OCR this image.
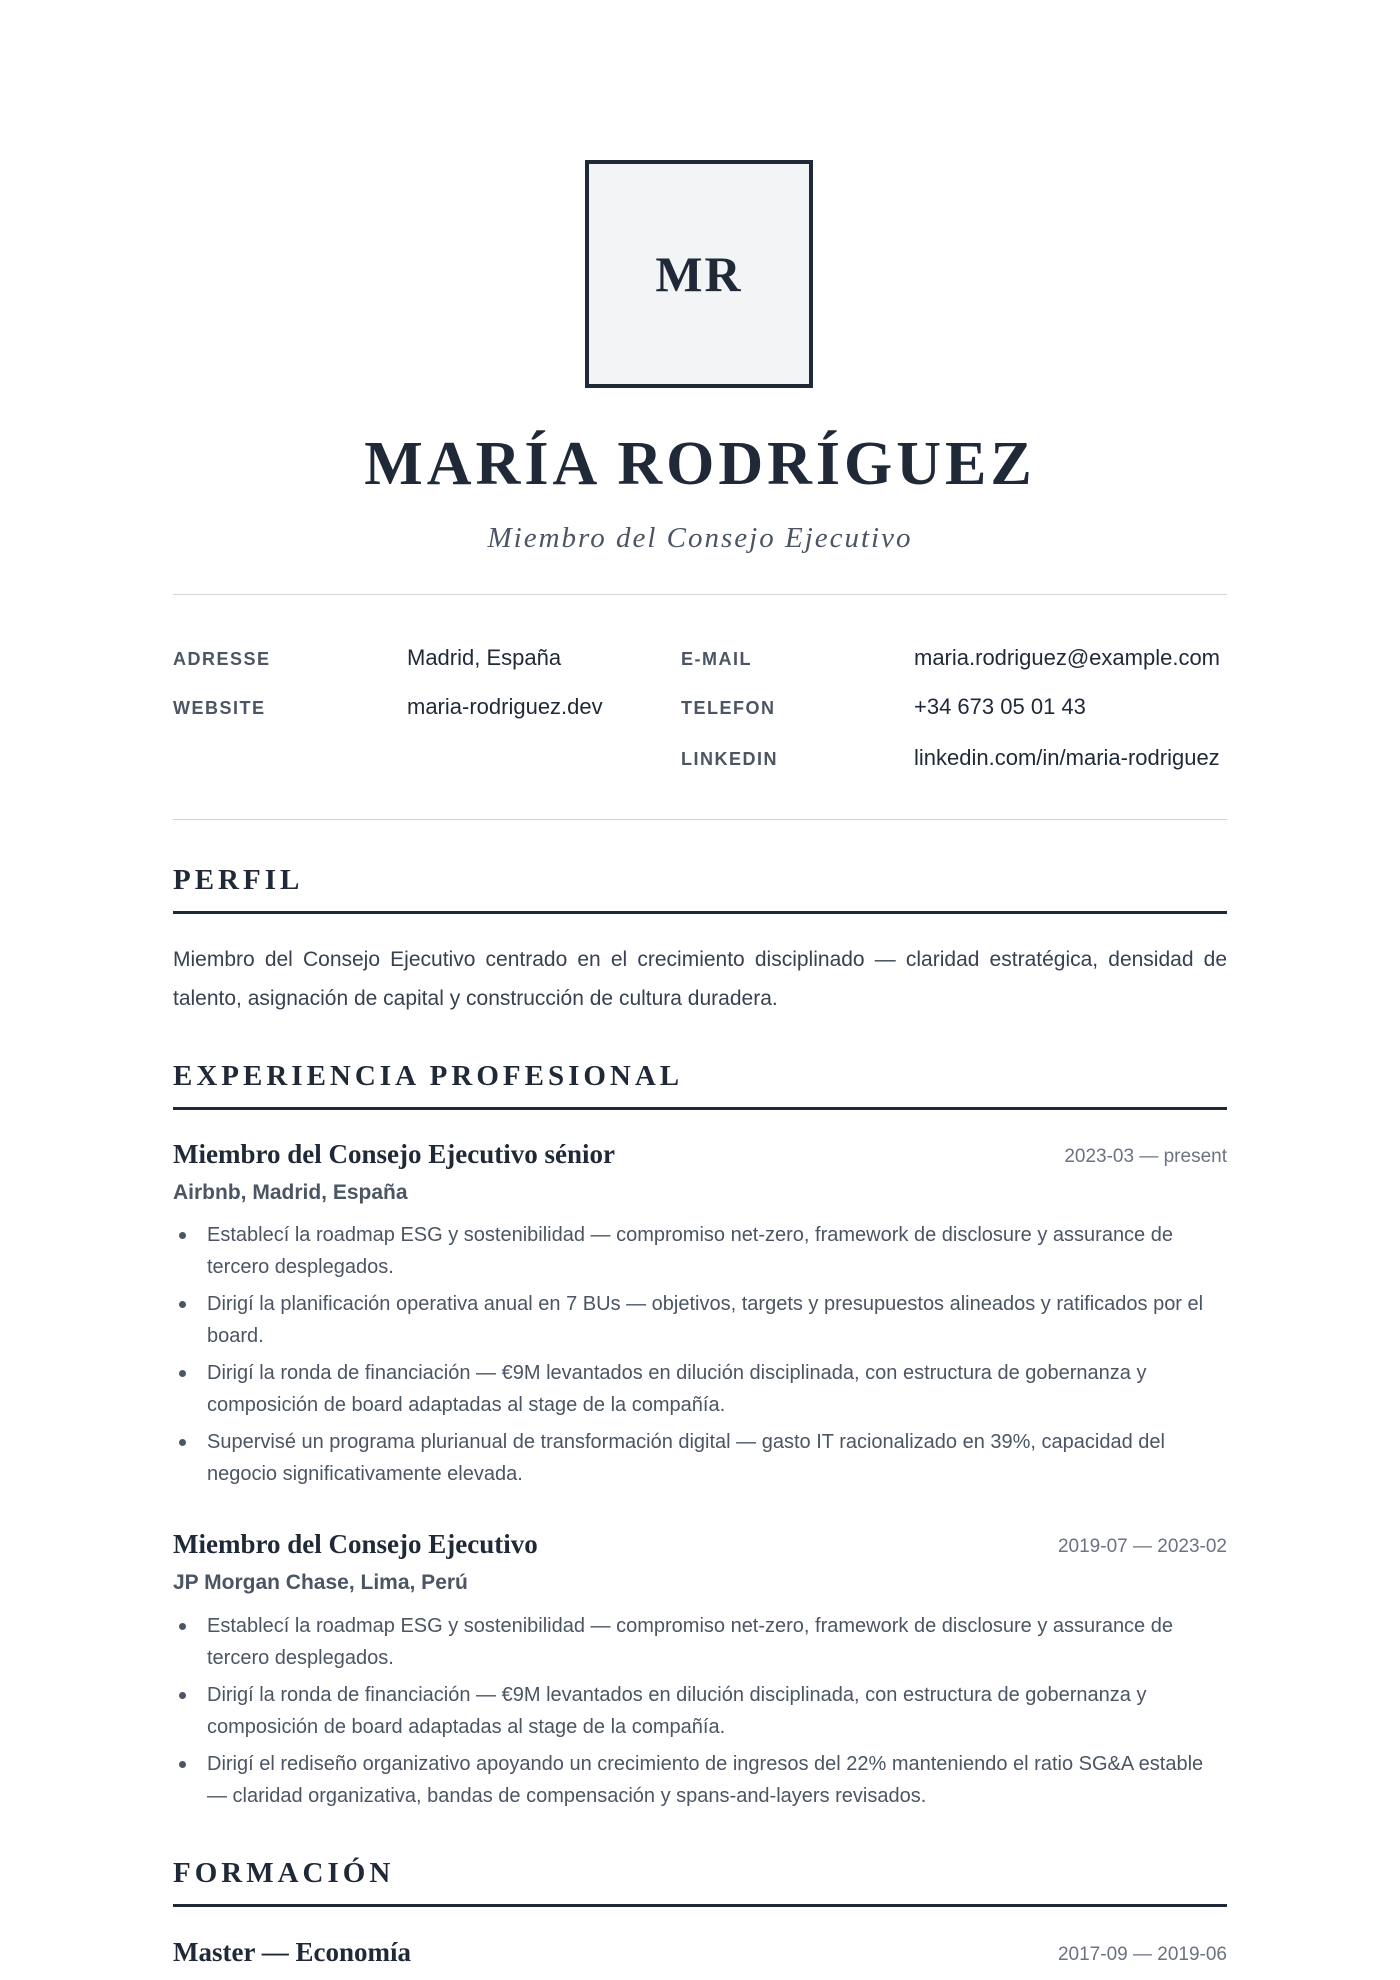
MR
MARÍA RODRÍGUEZ
Miembro del Consejo Ejecutivo
ADRESSE	Madrid, España	E-MAIL	maria.rodriguez@example.com
WEBSITE	maria-rodriguez.dev	TELEFON	+34 673 05 01 43
LINKEDIN	linkedin.com/in/maria-rodriguez
PERFIL
Miembro del Consejo Ejecutivo centrado en el crecimiento disciplinado — claridad estratégica, densidad de talento, asignación de capital y construcción de cultura duradera.
EXPERIENCIA PROFESIONAL
Miembro del Consejo Ejecutivo sénior	2023-03 — present
Airbnb, Madrid, España
Establecí la roadmap ESG y sostenibilidad — compromiso net-zero, framework de disclosure y assurance de tercero desplegados.
Dirigí la planificación operativa anual en 7 BUs — objetivos, targets y presupuestos alineados y ratificados por el board.
Dirigí la ronda de financiación — €9M levantados en dilución disciplinada, con estructura de gobernanza y composición de board adaptadas al stage de la compañía.
Supervisé un programa plurianual de transformación digital — gasto IT racionalizado en 39%, capacidad del negocio significativamente elevada.
Miembro del Consejo Ejecutivo	2019-07 — 2023-02
JP Morgan Chase, Lima, Perú
Establecí la roadmap ESG y sostenibilidad — compromiso net-zero, framework de disclosure y assurance de tercero desplegados.
Dirigí la ronda de financiación — €9M levantados en dilución disciplinada, con estructura de gobernanza y composición de board adaptadas al stage de la compañía.
Dirigí el rediseño organizativo apoyando un crecimiento de ingresos del 22% manteniendo el ratio SG&A estable — claridad organizativa, bandas de compensación y spans-and-layers revisados.
FORMACIÓN
Master — Economía	2017-09 — 2019-06
